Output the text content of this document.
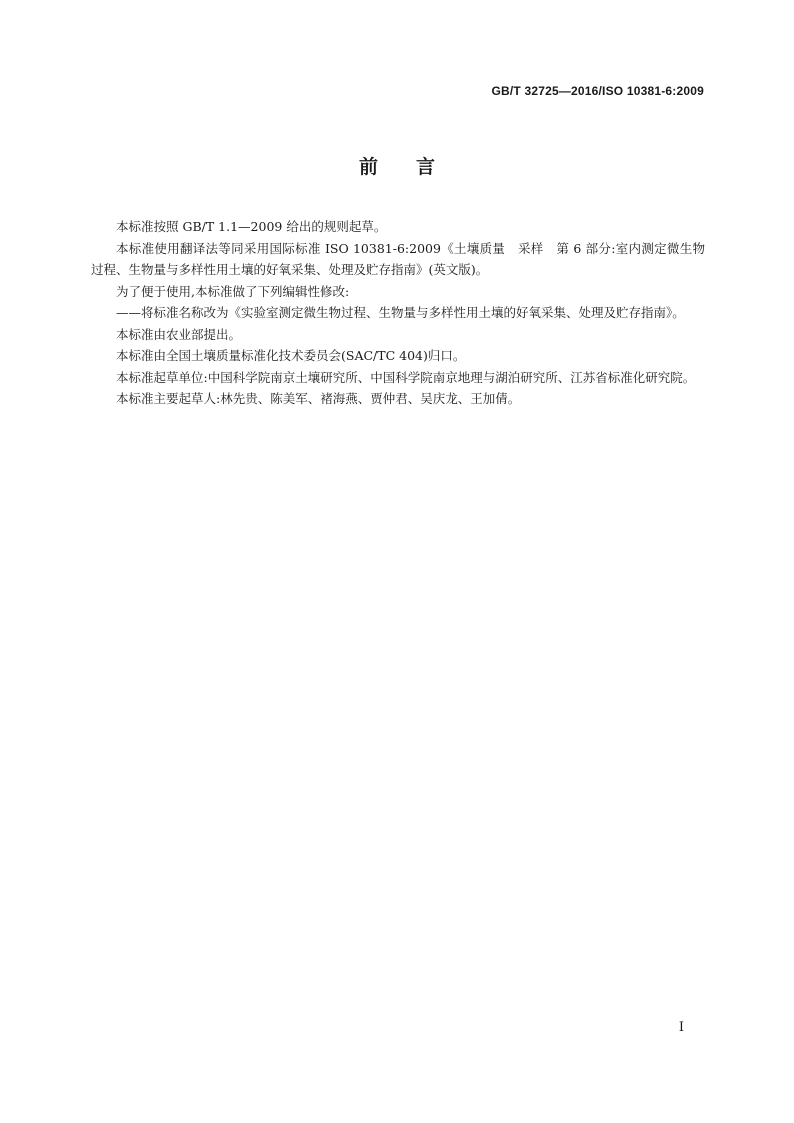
GB/T 32725—2016/ISO 10381-6:2009
前 言

本标准按照 GB/T 1.1—2009 给出的规则起草。

本标准使用翻译法等同采用国际标准 ISO 10381-6:2009《土壤质量　采样　第 6 部分:室内测定微生物过程、生物量与多样性用土壤的好氧采集、处理及贮存指南》(英文版)。

为了便于使用,本标准做了下列编辑性修改:

——将标准名称改为《实验室测定微生物过程、生物量与多样性用土壤的好氧采集、处理及贮存指南》。

本标准由农业部提出。

本标准由全国土壤质量标准化技术委员会(SAC/TC 404)归口。

本标准起草单位:中国科学院南京土壤研究所、中国科学院南京地理与湖泊研究所、江苏省标准化研究院。

本标准主要起草人:林先贵、陈美军、褚海燕、贾仲君、吴庆龙、王加倩。

I
